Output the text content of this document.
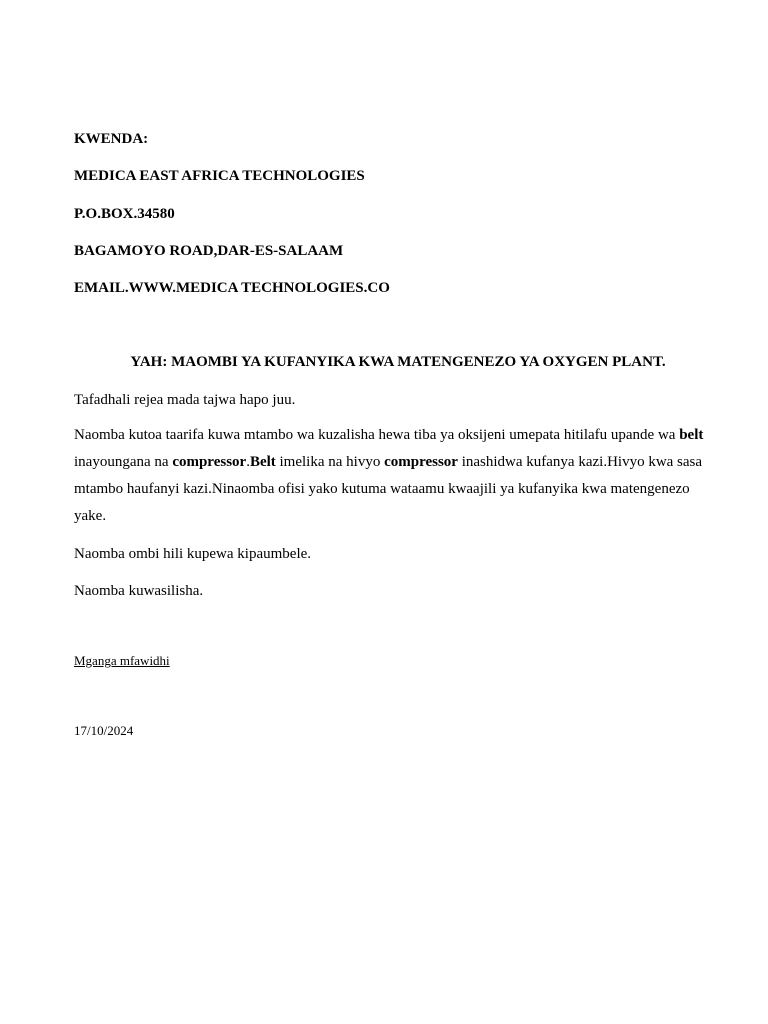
KWENDA:
MEDICA EAST AFRICA TECHNOLOGIES
P.O.BOX.34580
BAGAMOYO ROAD,DAR-ES-SALAAM
EMAIL.WWW.MEDICA TECHNOLOGIES.CO
YAH: MAOMBI YA KUFANYIKA KWA MATENGENEZO YA OXYGEN PLANT.
Tafadhali rejea mada tajwa hapo juu.
Naomba kutoa taarifa kuwa mtambo wa kuzalisha hewa tiba ya oksijeni umepata hitilafu upande wa belt inayoungana na compressor.Belt imelika na hivyo compressor inashidwa kufanya kazi.Hivyo kwa sasa mtambo haufanyi kazi.Ninaomba ofisi yako kutuma wataamu kwaajili ya kufanyika kwa matengenezo yake.
Naomba ombi hili kupewa kipaumbele.
Naomba kuwasilisha.
Mganga mfawidhi
17/10/2024
